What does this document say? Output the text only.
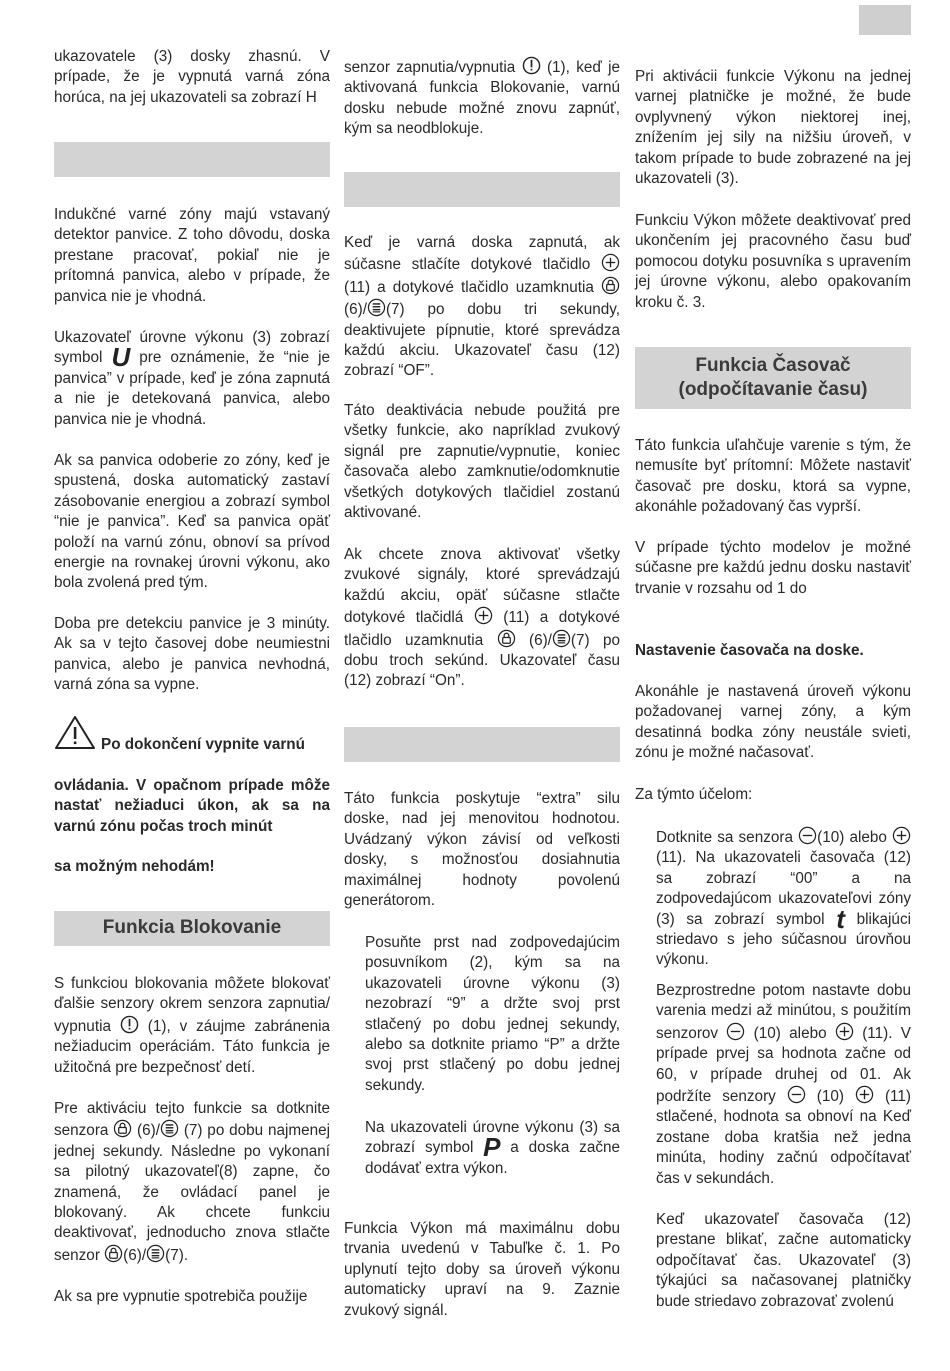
ukazovatele (3) dosky zhasnú. V prípade, že je vypnutá varná zóna horúca, na jej ukazovateli sa zobrazí H

Indukčné varné zóny majú vstavaný detektor panvice. Z toho dôvodu, doska prestane pracovať, pokiaľ nie je prítomná panvica, alebo v prípade, že panvica nie je vhodná.

Ukazovateľ úrovne výkonu (3) zobrazí symbol U pre oznámenie, že “nie je panvica” v prípade, keď je zóna zapnutá a nie je detekovaná panvica, alebo panvica nie je vhodná.

Ak sa panvica odoberie zo zóny, keď je spustená, doska automatický zastaví zásobovanie energiou a zobrazí symbol “nie je panvica”. Keď sa panvica opäť položí na varnú zónu, obnoví sa prívod energie na rovnakej úrovni výkonu, ako bola zvolená pred tým.

Doba pre detekciu panvice je 3 minúty. Ak sa v tejto časovej dobe neumiestni panvica, alebo je panvica nevhodná, varná zóna sa vypne.

Po dokončení vypnite varnú

ovládania. V opačnom prípade môže nastať nežiaduci úkon, ak sa na varnú zónu počas troch minút

sa možným nehodám!

Funkcia Blokovanie

S funkciou blokovania môžete blokovať ďalšie senzory okrem senzora zapnutia/ vypnutia (1), v záujme zabránenia nežiaducim operáciám. Táto funkcia je užitočná pre bezpečnosť detí.

Pre aktiváciu tejto funkcie sa dotknite senzora (6)/ (7) po dobu najmenej jednej sekundy. Následne po vykonaní sa pilotný ukazovateľ(8) zapne, čo znamená, že ovládací panel je blokovaný. Ak chcete funkciu deaktivovať, jednoducho znova stlačte senzor (6)/ (7).

Ak sa pre vypnutie spotrebiča použije

senzor zapnutia/vypnutia (1), keď je aktivovaná funkcia Blokovanie, varnú dosku nebude možné znovu zapnúť, kým sa neodblokuje.

Keď je varná doska zapnutá, ak súčasne stlačíte dotykové tlačidlo  (11) a dotykové tlačidlo uzamknutia  (6)/ (7) po dobu tri sekundy, deaktivujete pípnutie, ktoré sprevádza každú akciu. Ukazovateľ času (12) zobrazí “OF”.

Táto deaktivácia nebude použitá pre všetky funkcie, ako napríklad zvukový signál pre zapnutie/vypnutie, koniec časovača alebo zamknutie/odomknutie všetkých dotykových tlačidiel zostanú aktivované.

Ak chcete znova aktivovať všetky zvukové signály, ktoré sprevádzajú každú akciu, opäť súčasne stlačte dotykové tlačidlá	(11) a dotykové tlačidlo uzamknutia	(6)/ (7) po dobu troch sekúnd. Ukazovateľ času (12) zobrazí “On”.

Táto funkcia poskytuje “extra” silu doske, nad jej menovitou hodnotou. Uvádzaný výkon závisí od veľkosti dosky, s možnosťou dosiahnutia maximálnej hodnoty povolenú generátorom.

Posuňte prst nad zodpovedajúcim posuvníkom (2), kým sa na ukazovateli úrovne výkonu (3) nezobrazí “9” a držte svoj prst stlačený po dobu jednej sekundy, alebo sa dotknite priamo “P” a držte svoj prst stlačený po dobu jednej sekundy.

Na ukazovateli úrovne výkonu (3) sa zobrazí symbol P a doska začne dodávať extra výkon.

Funkcia Výkon má maximálnu dobu trvania uvedenú v Tabuľke č. 1. Po uplynutí tejto doby sa úroveň výkonu automaticky upraví na 9. Zaznie zvukový signál.

Pri aktivácii funkcie Výkonu na jednej varnej platničke je možné, že bude ovplyvnený výkon niektorej inej, znížením jej sily na nižšiu úroveň, v takom prípade to bude zobrazené na jej ukazovateli (3).

Funkciu Výkon môžete deaktivovať pred ukončením jej pracovného času buď pomocou dotyku posuvníka s upravením jej úrovne výkonu, alebo opakovaním kroku č. 3.

Funkcia Časovač
(odpočítavanie času)

Táto funkcia uľahčuje varenie s tým, že nemusíte byť prítomní: Môžete nastaviť časovač pre dosku, ktorá sa vypne, akonáhle požadovaný čas vyprší.

V prípade týchto modelov je možné súčasne pre každú jednu dosku nastaviť trvanie v rozsahu od 1 do

Nastavenie časovača na doske.

Akonáhle je nastavená úroveň výkonu požadovanej varnej zóny, a kým desatinná bodka zóny neustále svieti, zónu je možné načasovať.

Za týmto účelom:

Dotknite sa senzora (10) alebo  (11). Na ukazovateli časovača (12) sa zobrazí “00” a na zodpovedajúcom ukazovateľovi zóny (3) sa zobrazí symbol t blikajúci striedavo s jeho súčasnou úrovňou výkonu.

Bezprostredne potom nastavte dobu varenia medzi až minútou, s použitím senzorov (10) alebo (11). V prípade prvej sa hodnota začne od 60, v prípade druhej od 01. Ak podržíte senzory	(10)	(11) stlačené, hodnota sa obnoví na Keď zostane doba kratšia než jedna minúta, hodiny začnú odpočítavať čas v sekundách.

Keď ukazovateľ časovača (12) prestane blikať, začne automaticky odpočítavať čas. Ukazovateľ (3) týkajúci sa načasovanej platničky bude striedavo zobrazovať zvolenú
